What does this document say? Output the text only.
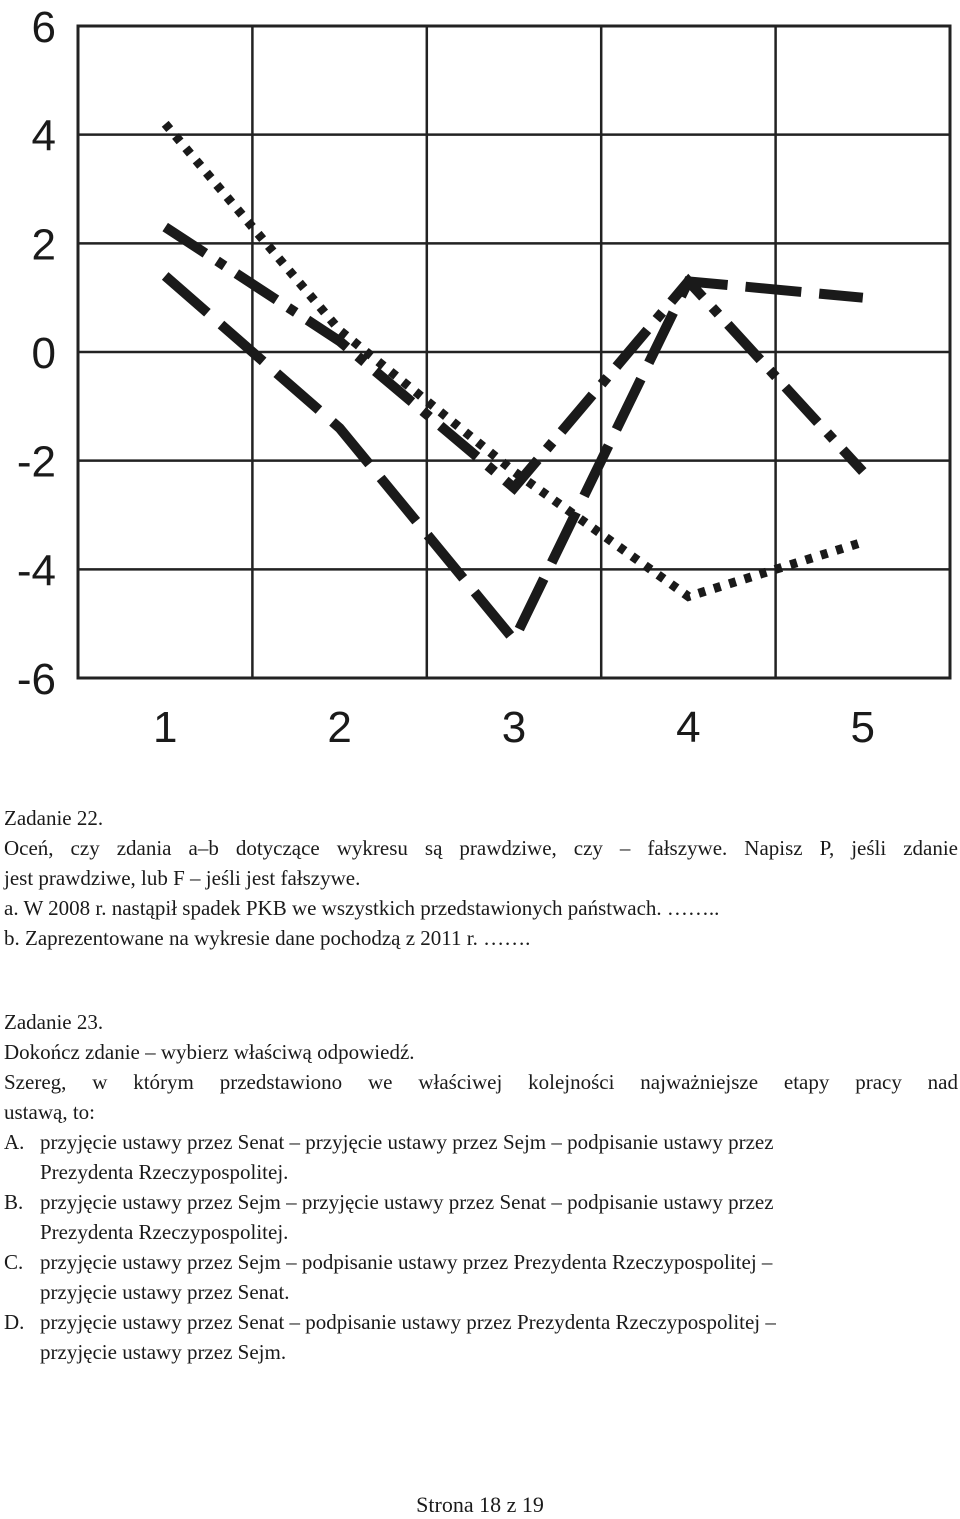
6
4
2
0
-2
-4
-6
1	2	3	4	5

Zadanie 22.

Oceń, czy zdania a–b dotyczące wykresu są prawdziwe, czy – fałszywe. Napisz P, jeśli zdanie

jest prawdziwe, lub F – jeśli jest fałszywe.

a. W 2008 r. nastąpił spadek PKB we wszystkich przedstawionych państwach. ……..

b. Zaprezentowane na wykresie dane pochodzą z 2011 r. …….

Zadanie 23.

Dokończ zdanie – wybierz właściwą odpowiedź.

Szereg, w którym przedstawiono we właściwej kolejności najważniejsze etapy pracy nad

ustawą, to:

A. przyjęcie ustawy przez Senat – przyjęcie ustawy przez Sejm – podpisanie ustawy przez

Prezydenta Rzeczypospolitej.

B. przyjęcie ustawy przez Sejm – przyjęcie ustawy przez Senat – podpisanie ustawy przez

Prezydenta Rzeczypospolitej.

C. przyjęcie ustawy przez Sejm – podpisanie ustawy przez Prezydenta Rzeczypospolitej –

przyjęcie ustawy przez Senat.

D. przyjęcie ustawy przez Senat – podpisanie ustawy przez Prezydenta Rzeczypospolitej –

przyjęcie ustawy przez Sejm.

Strona 18 z 19
